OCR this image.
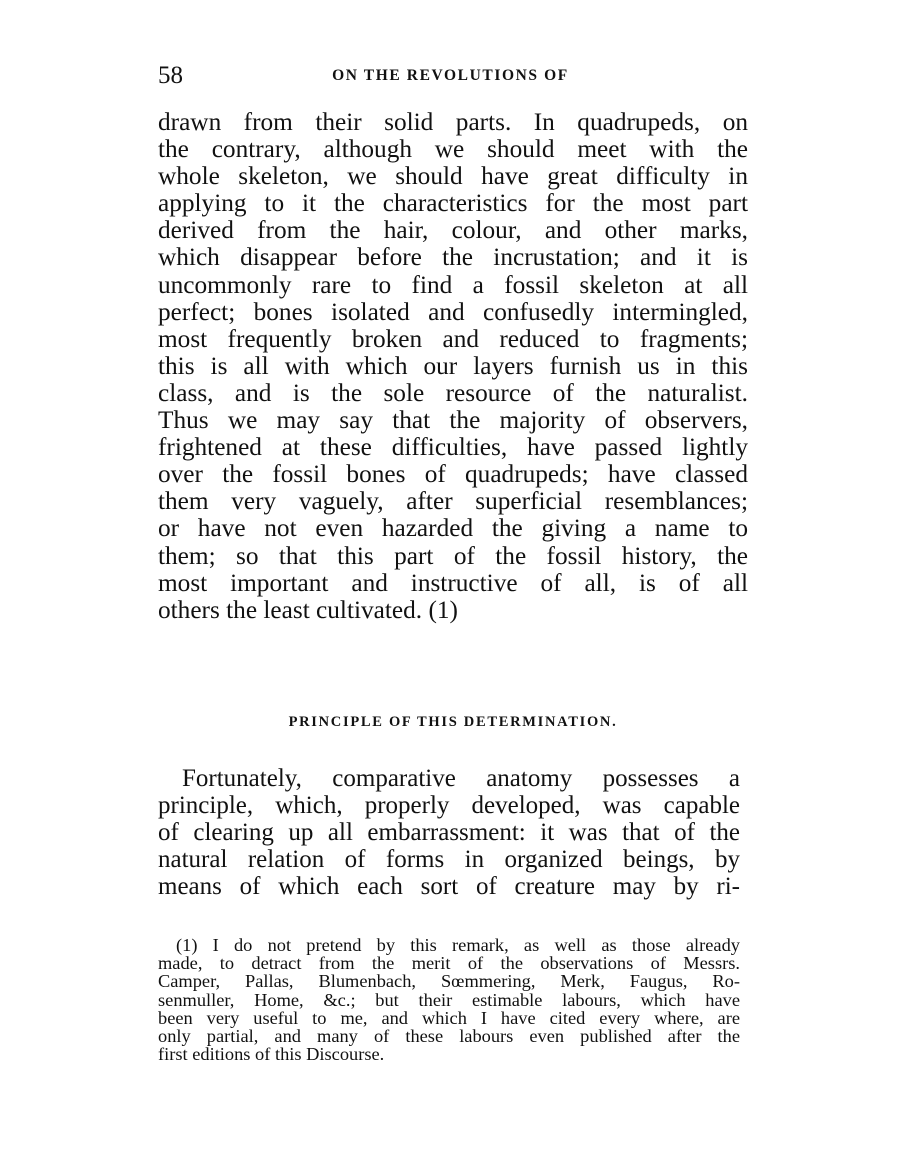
58	ON THE REVOLUTIONS OF
drawn from their solid parts. In quadrupeds, on
the contrary, although we should meet with the
whole skeleton, we should have great difficulty in
applying to it the characteristics for the most part
derived from the hair, colour, and other marks,
which disappear before the incrustation; and it is
uncommonly rare to find a fossil skeleton at all
perfect; bones isolated and confusedly intermingled,
most frequently broken and reduced to fragments;
this is all with which our layers furnish us in this
class, and is the sole resource of the naturalist.
Thus we may say that the majority of observers,
frightened at these difficulties, have passed lightly
over the fossil bones of quadrupeds; have classed
them very vaguely, after superficial resemblances;
or have not even hazarded the giving a name to
them; so that this part of the fossil history, the
most important and instructive of all, is of all
others the least cultivated. (1)
PRINCIPLE OF THIS DETERMINATION.
Fortunately, comparative anatomy possesses a
principle, which, properly developed, was capable
of clearing up all embarrassment: it was that of the
natural relation of forms in organized beings, by
means of which each sort of creature may by ri-
(1) I do not pretend by this remark, as well as those already
made, to detract from the merit of the observations of Messrs.
Camper, Pallas, Blumenbach, Sœmmering, Merk, Faugus, Ro-
senmuller, Home, &c.; but their estimable labours, which have
been very useful to me, and which I have cited every where, are
only partial, and many of these labours even published after the
first editions of this Discourse.
